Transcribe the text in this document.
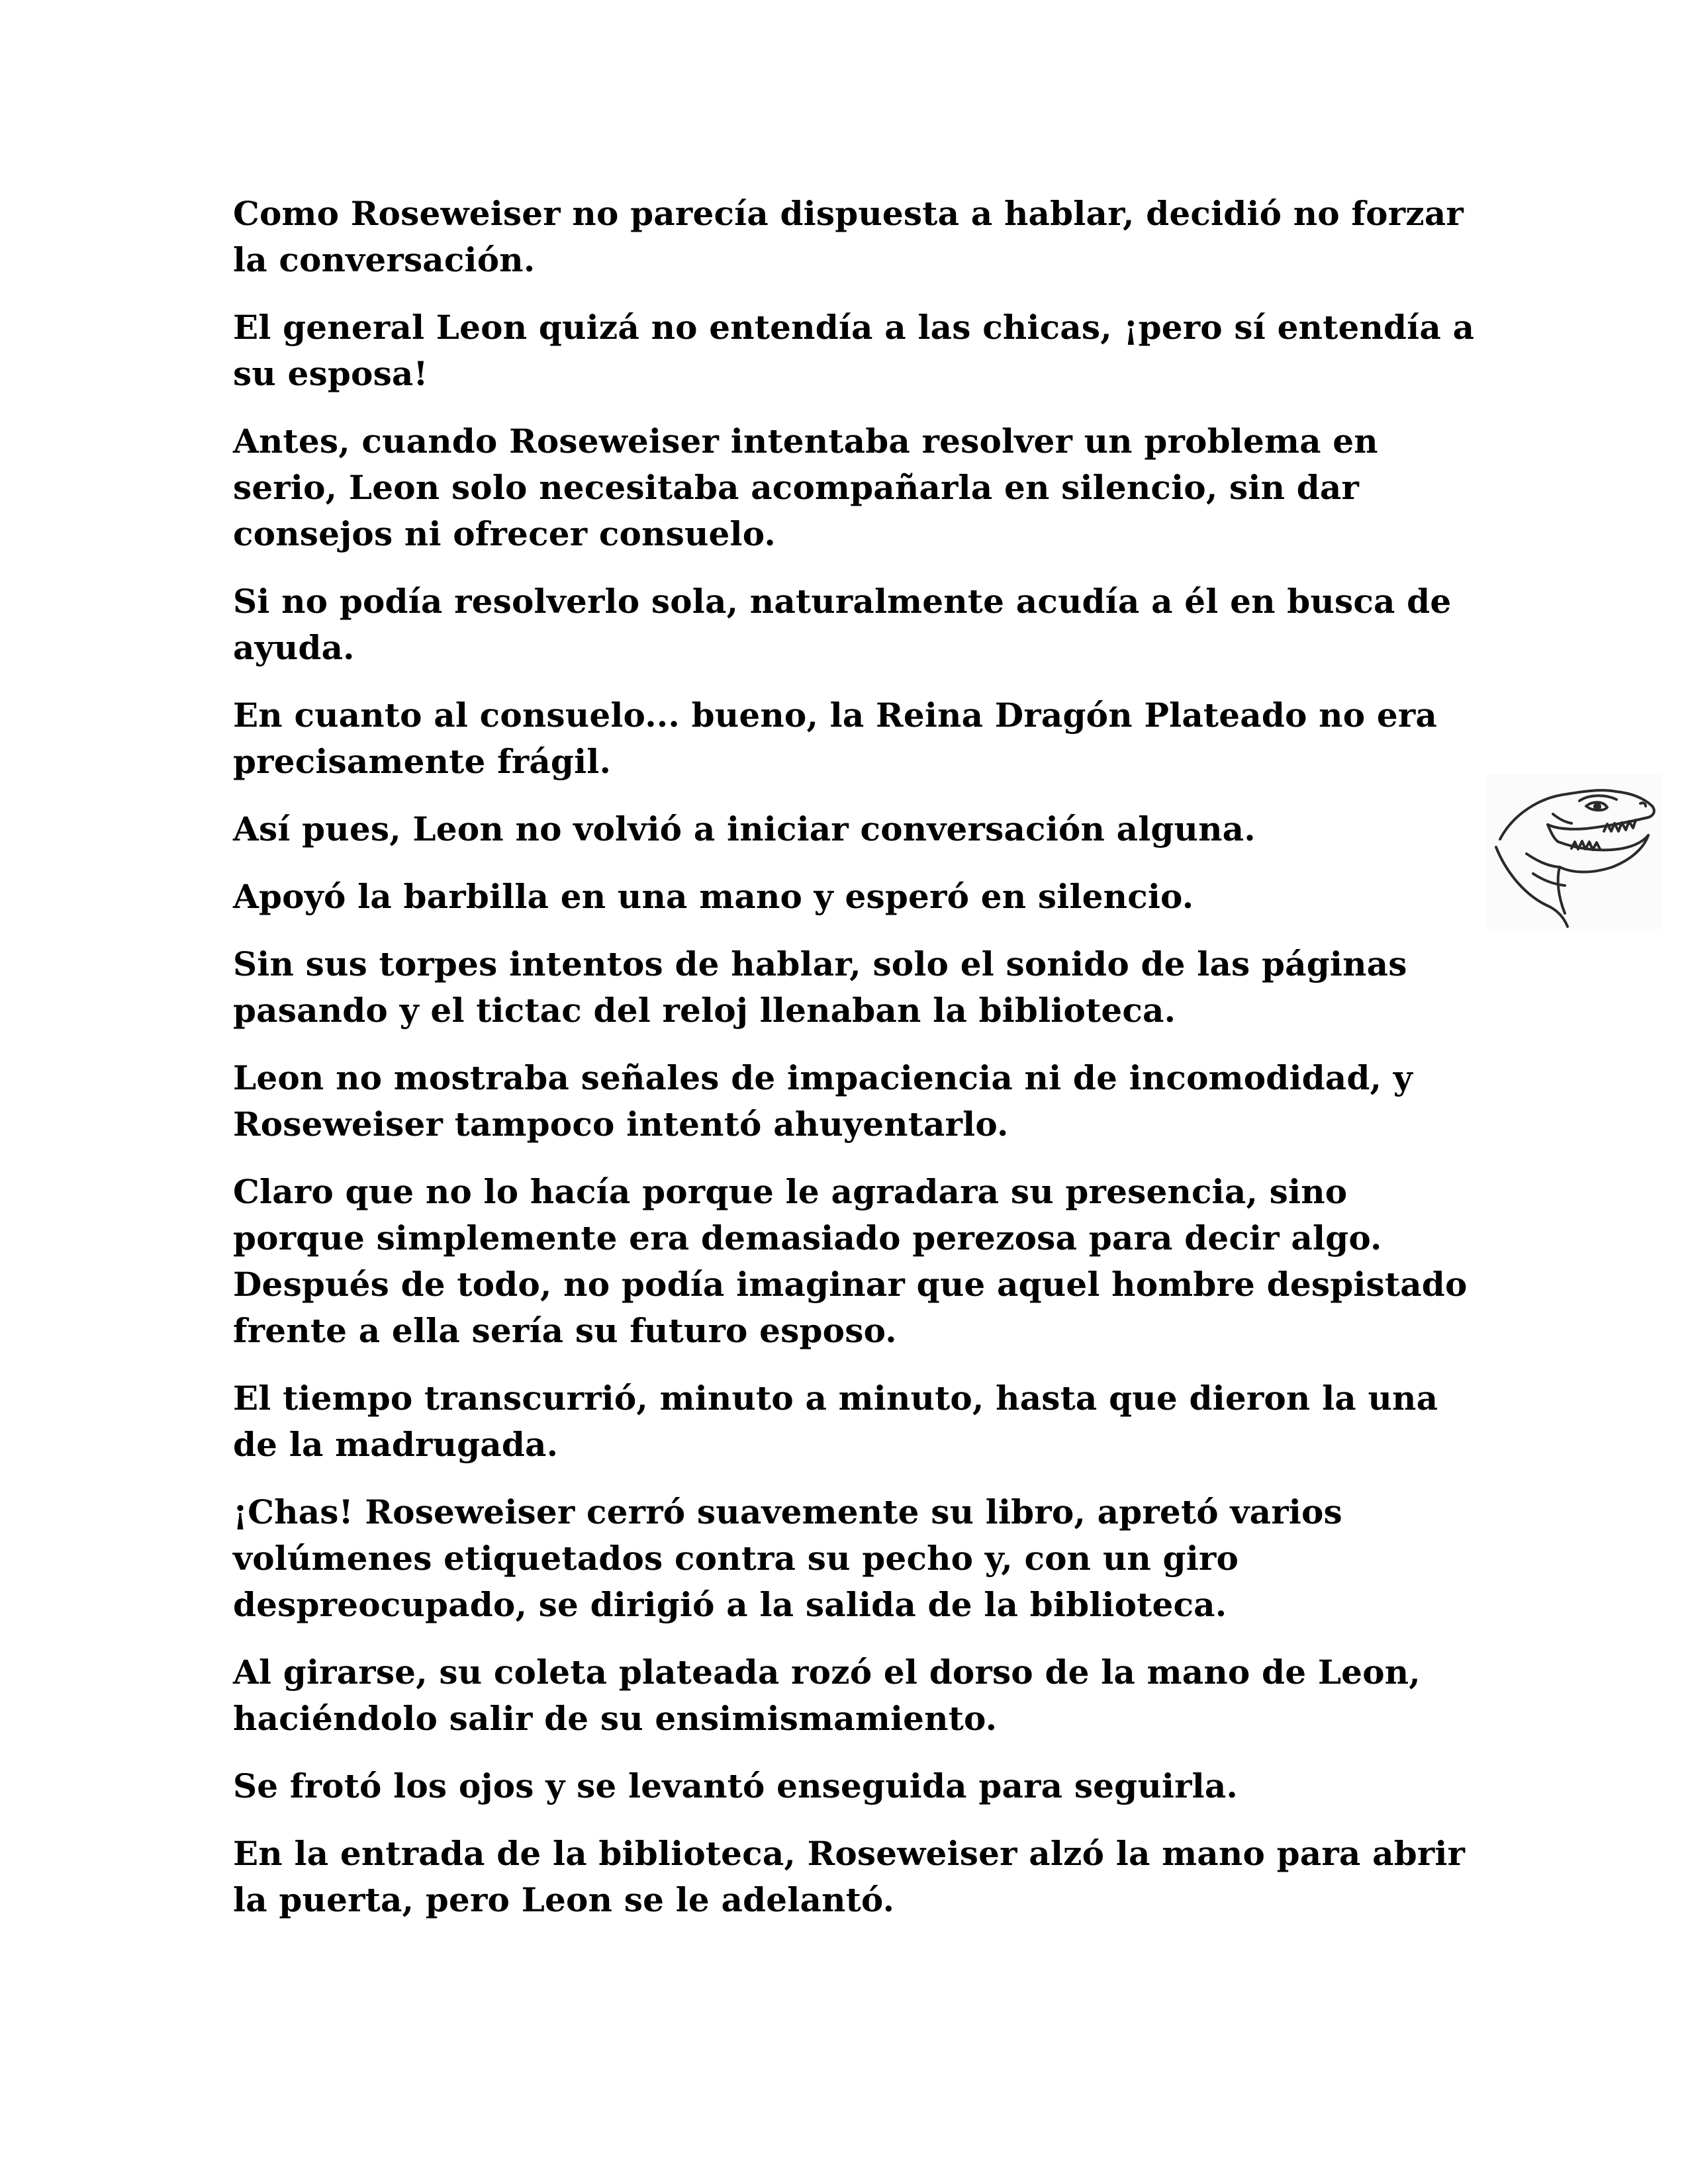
Como Roseweiser no parecía dispuesta a hablar, decidió no forzar la conversación.

El general Leon quizá no entendía a las chicas, ¡pero sí entendía a su esposa!

Antes, cuando Roseweiser intentaba resolver un problema en serio, Leon solo necesitaba acompañarla en silencio, sin dar consejos ni ofrecer consuelo.

Si no podía resolverlo sola, naturalmente acudía a él en busca de ayuda.

En cuanto al consuelo... bueno, la Reina Dragón Plateado no era precisamente frágil.

Así pues, Leon no volvió a iniciar conversación alguna.

Apoyó la barbilla en una mano y esperó en silencio.

Sin sus torpes intentos de hablar, solo el sonido de las páginas pasando y el tictac del reloj llenaban la biblioteca.

Leon no mostraba señales de impaciencia ni de incomodidad, y Roseweiser tampoco intentó ahuyentarlo.

Claro que no lo hacía porque le agradara su presencia, sino porque simplemente era demasiado perezosa para decir algo. Después de todo, no podía imaginar que aquel hombre despistado frente a ella sería su futuro esposo.

El tiempo transcurrió, minuto a minuto, hasta que dieron la una de la madrugada.

¡Chas! Roseweiser cerró suavemente su libro, apretó varios volúmenes etiquetados contra su pecho y, con un giro despreocupado, se dirigió a la salida de la biblioteca.

Al girarse, su coleta plateada rozó el dorso de la mano de Leon, haciéndolo salir de su ensimismamiento.

Se frotó los ojos y se levantó enseguida para seguirla.

En la entrada de la biblioteca, Roseweiser alzó la mano para abrir la puerta, pero Leon se le adelantó.
